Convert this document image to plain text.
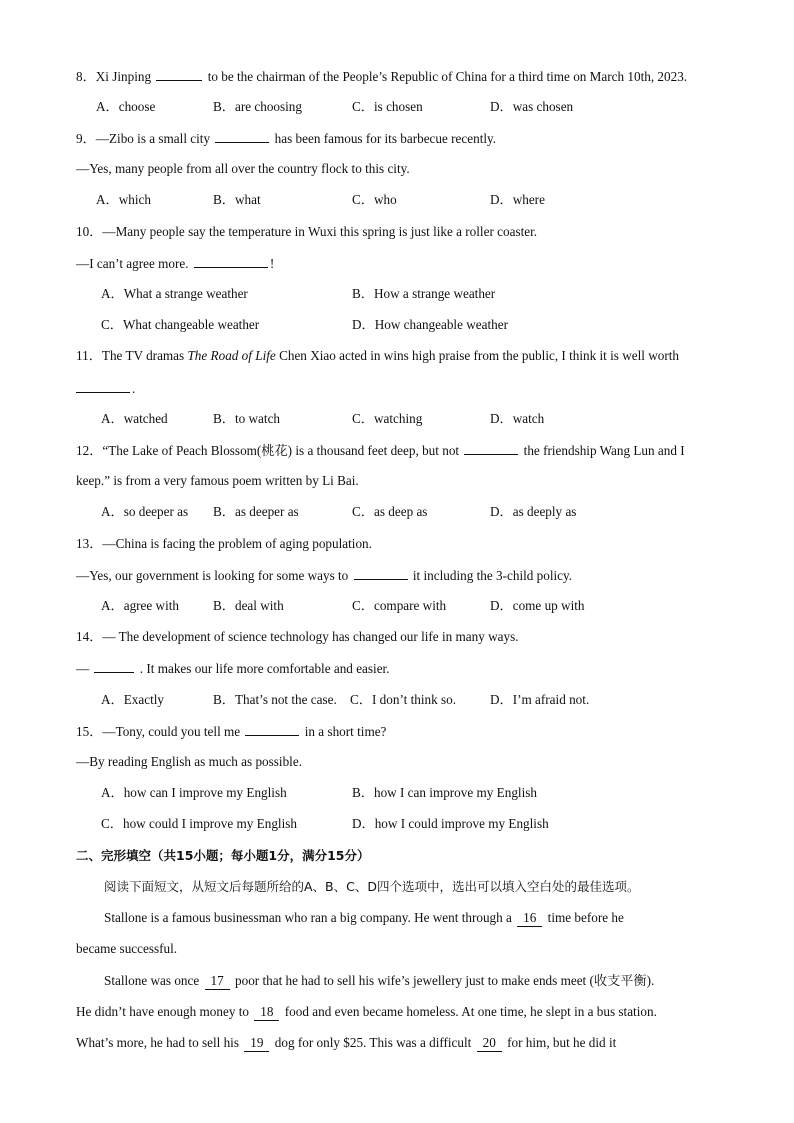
8．Xi Jinping	to be the chairman of the People’s Republic of China for a third time on March 10th, 2023.
A．choose	B．are choosing	C．is chosen	D．was chosen
9．—Zibo is a small city	has been famous for its barbecue recently.
—Yes, many people from all over the country flock to this city.
A．which	B．what	C．who	D．where
10．—Many people say the temperature in Wuxi this spring is just like a roller coaster.
—I can’t agree more.	!
A．What a strange weather	B．How a strange weather
C．What changeable weather	D．How changeable weather
11．The TV dramas The Road of Life Chen Xiao acted in wins high praise from the public, I think it is well worth
.
A．watched	B．to watch	C．watching	D．watch
12．“The Lake of Peach Blossom(桃花) is a thousand feet deep, but not	the friendship Wang Lun and I
keep.” is from a very famous poem written by Li Bai.
A．so deeper as B．as deeper as	C．as deep as	D．as deeply as
13．—China is facing the problem of aging population.
—Yes, our government is looking for some ways to	it including the 3-child policy.
A．agree with	B．deal with	C．compare with	D．come up with
14．— The development of science technology has changed our life in many ways.
—	. It makes our life more comfortable and easier.
A．Exactly	B．That’s not the case. C．I don’t think so.	D．I’m afraid not.
15．—Tony, could you tell me	in a short time?
—By reading English as much as possible.
A．how can I improve my English	B．how I can improve my English
C．how could I improve my English	D．how I could improve my English
二、完形填空（共15小题；每小题1分，满分15分）
阅读下面短文，从短文后每题所给的A、B、C、D四个选项中，选出可以填入空白处的最佳选项。
Stallone is a famous businessman who ran a big company. He went through a 16 time before he
became successful.
Stallone was once 17 poor that he had to sell his wife’s jewellery just to make ends meet (收支平衡).
He didn’t have enough money to 18 food and even became homeless. At one time, he slept in a bus station.
What’s more, he had to sell his 19 dog for only $25. This was a difficult 20 for him, but he did it
